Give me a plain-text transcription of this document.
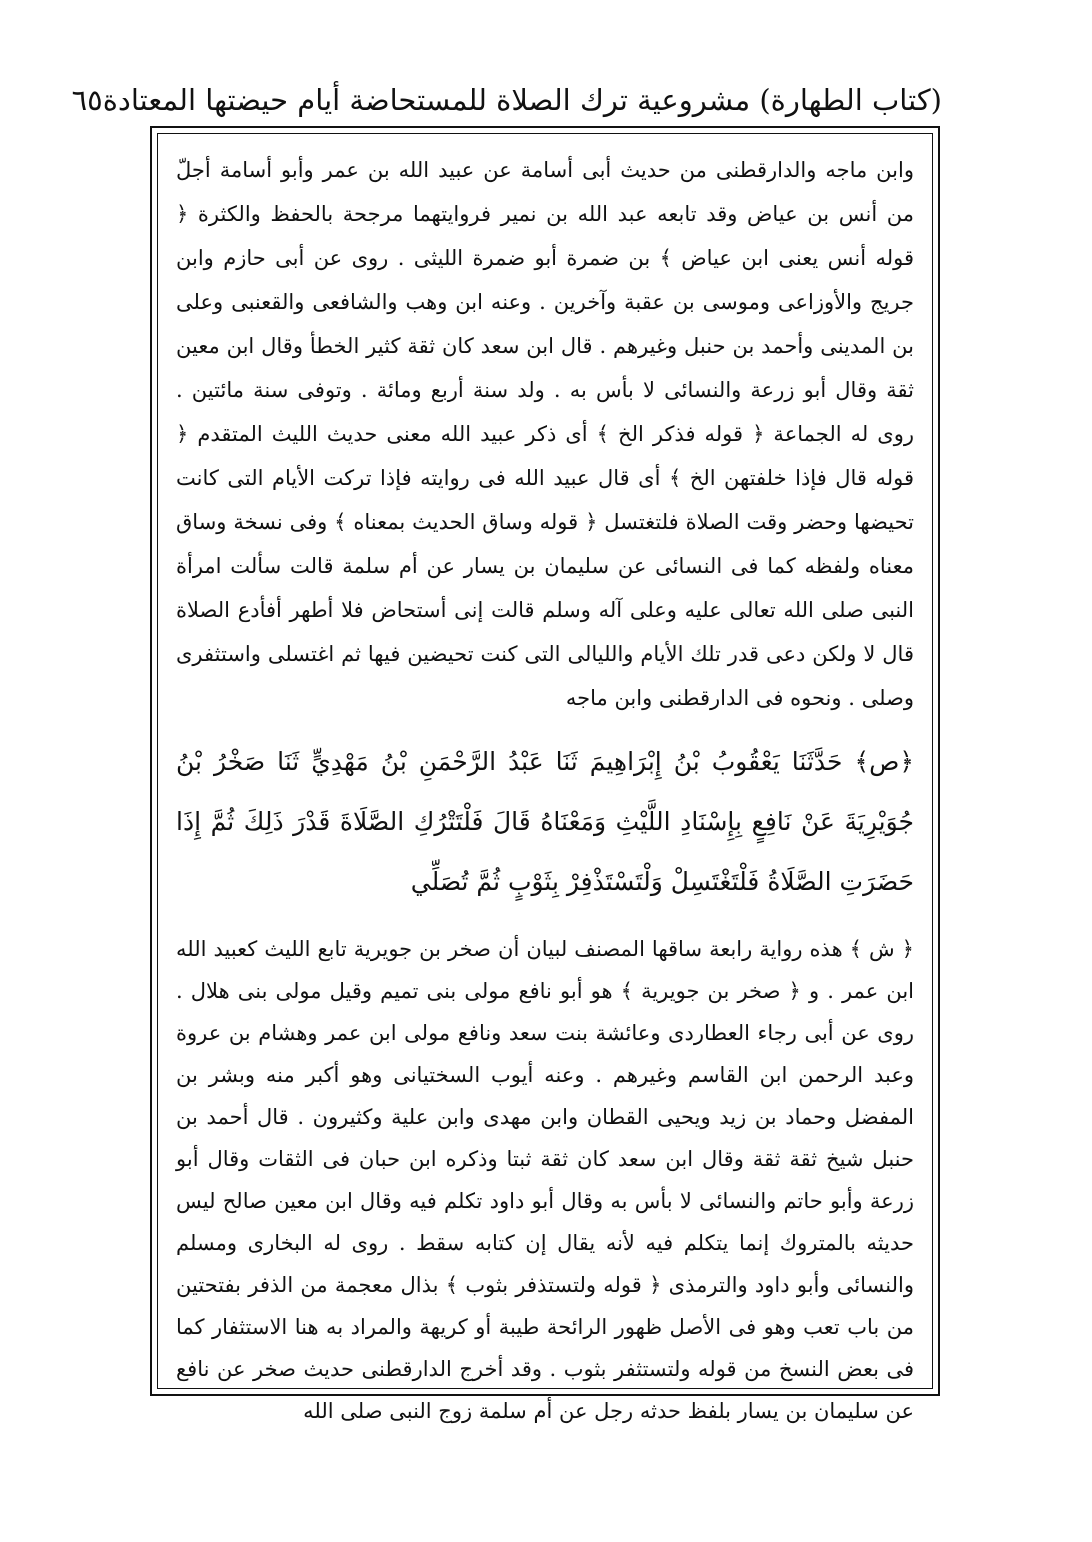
(كتاب الطهارة) مشروعية ترك الصلاة للمستحاضة أيام حيضتها المعتادة
٦٥

وابن ماجه والدارقطنى من حديث أبى أسامة عن عبيد الله بن عمر وأبو أسامة أجلّ من أنس بن عياض وقد تابعه عبد الله بن نمير فروايتهما مرجحة بالحفظ والكثرة ﴿ قوله أنس يعنى ابن عياض ﴾ بن ضمرة أبو ضمرة الليثى . روى عن أبى حازم وابن جريج والأوزاعى وموسى بن عقبة وآخرين . وعنه ابن وهب والشافعى والقعنبى وعلى بن المدينى وأحمد بن حنبل وغيرهم . قال ابن سعد كان ثقة كثير الخطأ وقال ابن معين ثقة وقال أبو زرعة والنسائى لا بأس به . ولد سنة أربع ومائة . وتوفى سنة مائتين . روى له الجماعة ﴿ قوله فذكر الخ ﴾ أى ذكر عبيد الله معنى حديث الليث المتقدم ﴿ قوله قال فإذا خلفتهن الخ ﴾ أى قال عبيد الله فى روايته فإذا تركت الأيام التى كانت تحيضها وحضر وقت الصلاة فلتغتسل ﴿ قوله وساق الحديث بمعناه ﴾ وفى نسخة وساق معناه ولفظه كما فى النسائى عن سليمان بن يسار عن أم سلمة قالت سألت امرأة النبى صلى الله تعالى عليه وعلى آله وسلم قالت إنى أستحاض فلا أطهر أفأدع الصلاة قال لا ولكن دعى قدر تلك الأيام والليالى التى كنت تحيضين فيها ثم اغتسلى واستثفرى وصلى . ونحوه فى الدارقطنى وابن ماجه

﴿ص﴾ حَدَّثَنَا يَعْقُوبُ بْنُ إِبْرَاهِيمَ ثَنَا عَبْدُ الرَّحْمَنِ بْنُ مَهْدِيٍّ ثَنَا صَخْرُ بْنُ جُوَيْرِيَةَ عَنْ نَافِعٍ بِإِسْنَادِ اللَّيْثِ وَمَعْنَاهُ قَالَ فَلْتَتْرُكِ الصَّلَاةَ قَدْرَ ذَلِكَ ثُمَّ إِذَا حَضَرَتِ الصَّلَاةُ فَلْتَغْتَسِلْ وَلْتَسْتَذْفِرْ بِثَوْبٍ ثُمَّ تُصَلِّي

﴿ ش ﴾ هذه رواية رابعة ساقها المصنف لبيان أن صخر بن جويرية تابع الليث كعبيد الله ابن عمر . و ﴿ صخر بن جويرية ﴾ هو أبو نافع مولى بنى تميم وقيل مولى بنى هلال . روى عن أبى رجاء العطاردى وعائشة بنت سعد ونافع مولى ابن عمر وهشام بن عروة وعبد الرحمن ابن القاسم وغيرهم . وعنه أيوب السختيانى وهو أكبر منه وبشر بن المفضل وحماد بن زيد ويحيى القطان وابن مهدى وابن علية وكثيرون . قال أحمد بن حنبل شيخ ثقة ثقة وقال ابن سعد كان ثقة ثبتا وذكره ابن حبان فى الثقات وقال أبو زرعة وأبو حاتم والنسائى لا بأس به وقال أبو داود تكلم فيه وقال ابن معين صالح ليس حديثه بالمتروك إنما يتكلم فيه لأنه يقال إن كتابه سقط . روى له البخارى ومسلم والنسائى وأبو داود والترمذى ﴿ قوله ولتستذفر بثوب ﴾ بذال معجمة من الذفر بفتحتين من باب تعب وهو فى الأصل ظهور الرائحة طيبة أو كريهة والمراد به هنا الاستثفار كما فى بعض النسخ من قوله ولتستثفر بثوب . وقد أخرج الدارقطنى حديث صخر عن نافع عن سليمان بن يسار بلفظ حدثه رجل عن أم سلمة زوج النبى صلى الله
